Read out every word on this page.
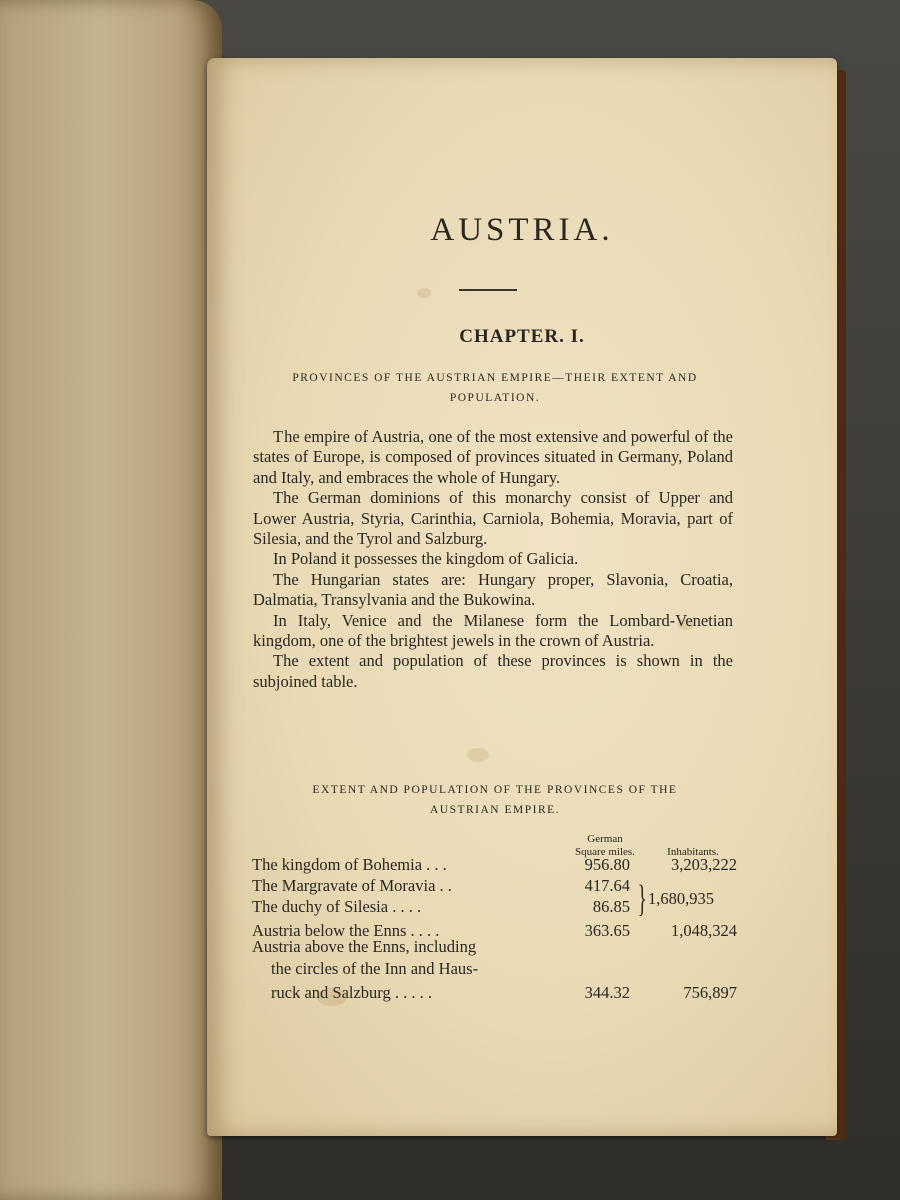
AUSTRIA.
CHAPTER. I.
PROVINCES OF THE AUSTRIAN EMPIRE—THEIR EXTENT AND
POPULATION.

The empire of Austria, one of the most extensive and powerful of the states of Europe, is composed of provinces situated in Germany, Poland and Italy, and embraces the whole of Hungary.

The German dominions of this monarchy consist of Upper and Lower Austria, Styria, Carinthia, Carniola, Bohemia, Moravia, part of Silesia, and the Tyrol and Salzburg.

In Poland it possesses the kingdom of Galicia.

The Hungarian states are: Hungary proper, Slavonia, Croatia, Dalmatia, Transylvania and the Bukowina.

In Italy, Venice and the Milanese form the Lombard-Venetian kingdom, one of the brightest jewels in the crown of Austria.

The extent and population of these provinces is shown in the subjoined table.

EXTENT AND POPULATION OF THE PROVINCES OF THE
AUSTRIAN EMPIRE.
German
Square miles.	Inhabitants.
The kingdom of Bohemia . . .	956.80 3,203,222
The Margravate of Moravia . .	417.64
The duchy of Silesia . . . .	86.85 } 1,680,935
Austria below the Enns . . . .	363.65 1,048,324
Austria above the Enns, including
the circles of the Inn and Haus-
ruck and Salzburg . . . . .	344.32	756,897
